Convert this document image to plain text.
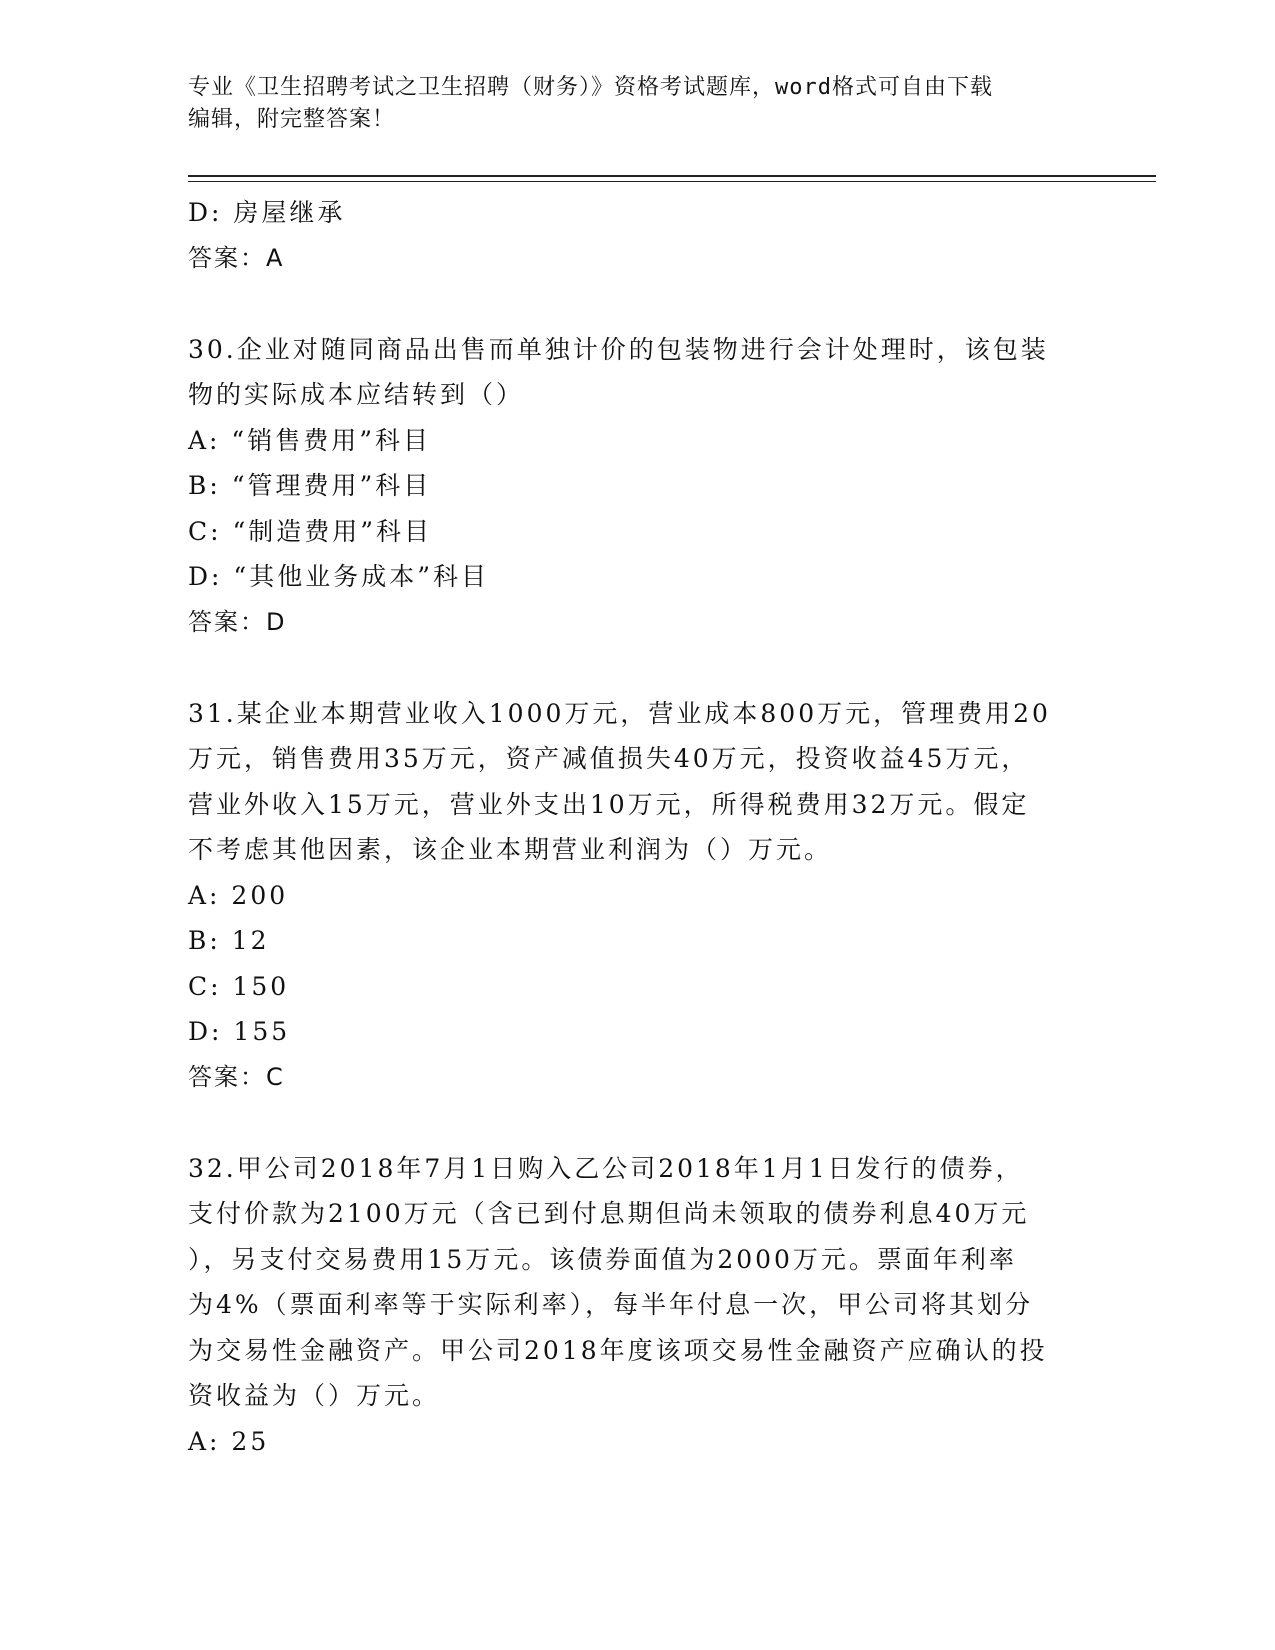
专业《卫生招聘考试之卫生招聘（财务）》资格考试题库，word格式可自由下载
编辑，附完整答案！
D: 房屋继承
答案：A
30.企业对随同商品出售而单独计价的包装物进行会计处理时，该包装
物的实际成本应结转到（）
A: “销售费用”科目
B: “管理费用”科目
C: “制造费用”科目
D: “其他业务成本”科目
答案：D
31.某企业本期营业收入1000万元，营业成本800万元，管理费用20
万元，销售费用35万元，资产减值损失40万元，投资收益45万元，
营业外收入15万元，营业外支出10万元，所得税费用32万元。假定
不考虑其他因素，该企业本期营业利润为（）万元。
A: 200
B: 12
C: 150
D: 155
答案：C
32.甲公司2018年7月1日购入乙公司2018年1月1日发行的债券，
支付价款为2100万元（含已到付息期但尚未领取的债券利息40万元
），另支付交易费用15万元。该债券面值为2000万元。票面年利率
为4%（票面利率等于实际利率），每半年付息一次，甲公司将其划分
为交易性金融资产。甲公司2018年度该项交易性金融资产应确认的投
资收益为（）万元。
A: 25
